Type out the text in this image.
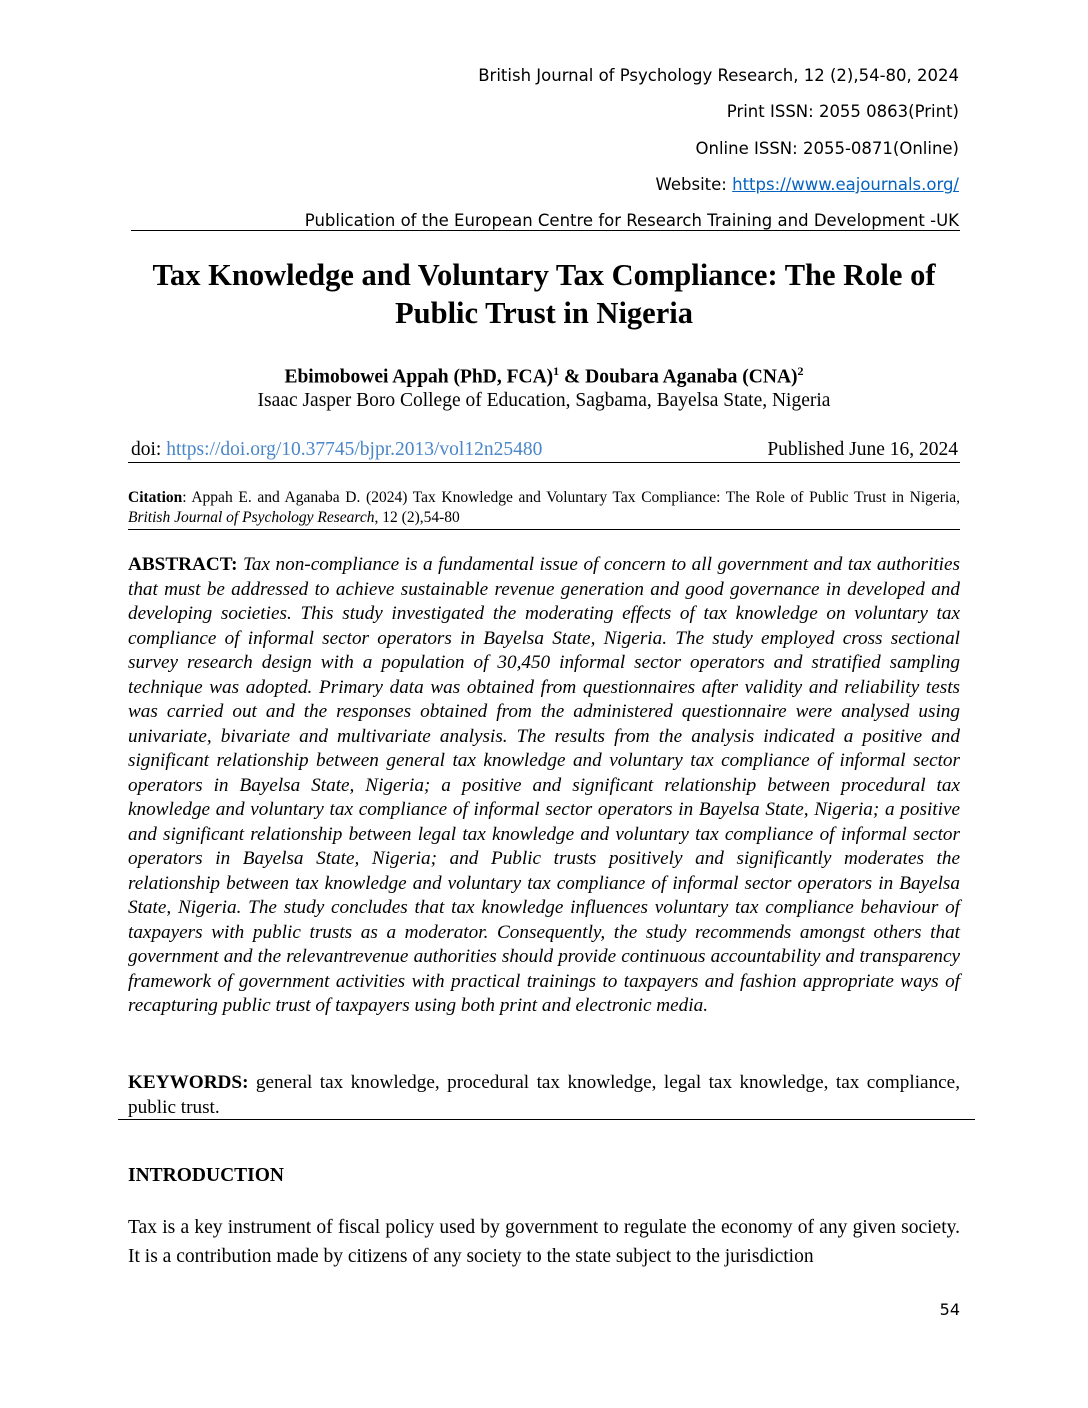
British Journal of Psychology Research, 12 (2),54-80, 2024
Print ISSN: 2055 0863(Print)
Online ISSN: 2055-0871(Online)
Website: https://www.eajournals.org/
Publication of the European Centre for Research Training and Development -UK
Tax Knowledge and Voluntary Tax Compliance: The Role of Public Trust in Nigeria
Ebimobowei Appah (PhD, FCA)$^1$ & Doubara Aganaba (CNA)$^2$
Isaac Jasper Boro College of Education, Sagbama, Bayelsa State, Nigeria
doi: https://doi.org/10.37745/bjpr.2013/vol12n25480	Published June 16, 2024
Citation: Appah E. and Aganaba D. (2024) Tax Knowledge and Voluntary Tax Compliance: The Role of Public Trust in Nigeria, British Journal of Psychology Research, 12 (2),54-80
ABSTRACT: Tax non-compliance is a fundamental issue of concern to all government and tax authorities that must be addressed to achieve sustainable revenue generation and good governance in developed and developing societies. This study investigated the moderating effects of tax knowledge on voluntary tax compliance of informal sector operators in Bayelsa State, Nigeria. The study employed cross sectional survey research design with a population of 30,450 informal sector operators and stratified sampling technique was adopted. Primary data was obtained from questionnaires after validity and reliability tests was carried out and the responses obtained from the administered questionnaire were analysed using univariate, bivariate and multivariate analysis. The results from the analysis indicated a positive and significant relationship between general tax knowledge and voluntary tax compliance of informal sector operators in Bayelsa State, Nigeria; a positive and significant relationship between procedural tax knowledge and voluntary tax compliance of informal sector operators in Bayelsa State, Nigeria; a positive and significant relationship between legal tax knowledge and voluntary tax compliance of informal sector operators in Bayelsa State, Nigeria; and Public trusts positively and significantly moderates the relationship between tax knowledge and voluntary tax compliance of informal sector operators in Bayelsa State, Nigeria. The study concludes that tax knowledge influences voluntary tax compliance behaviour of taxpayers with public trusts as a moderator. Consequently, the study recommends amongst others that government and the relevantrevenue authorities should provide continuous accountability and transparency framework of government activities with practical trainings to taxpayers and fashion appropriate ways of recapturing public trust of taxpayers using both print and electronic media.
KEYWORDS: general tax knowledge, procedural tax knowledge, legal tax knowledge, tax compliance, public trust.
INTRODUCTION
Tax is a key instrument of fiscal policy used by government to regulate the economy of any given society. It is a contribution made by citizens of any society to the state subject to the jurisdiction
54
